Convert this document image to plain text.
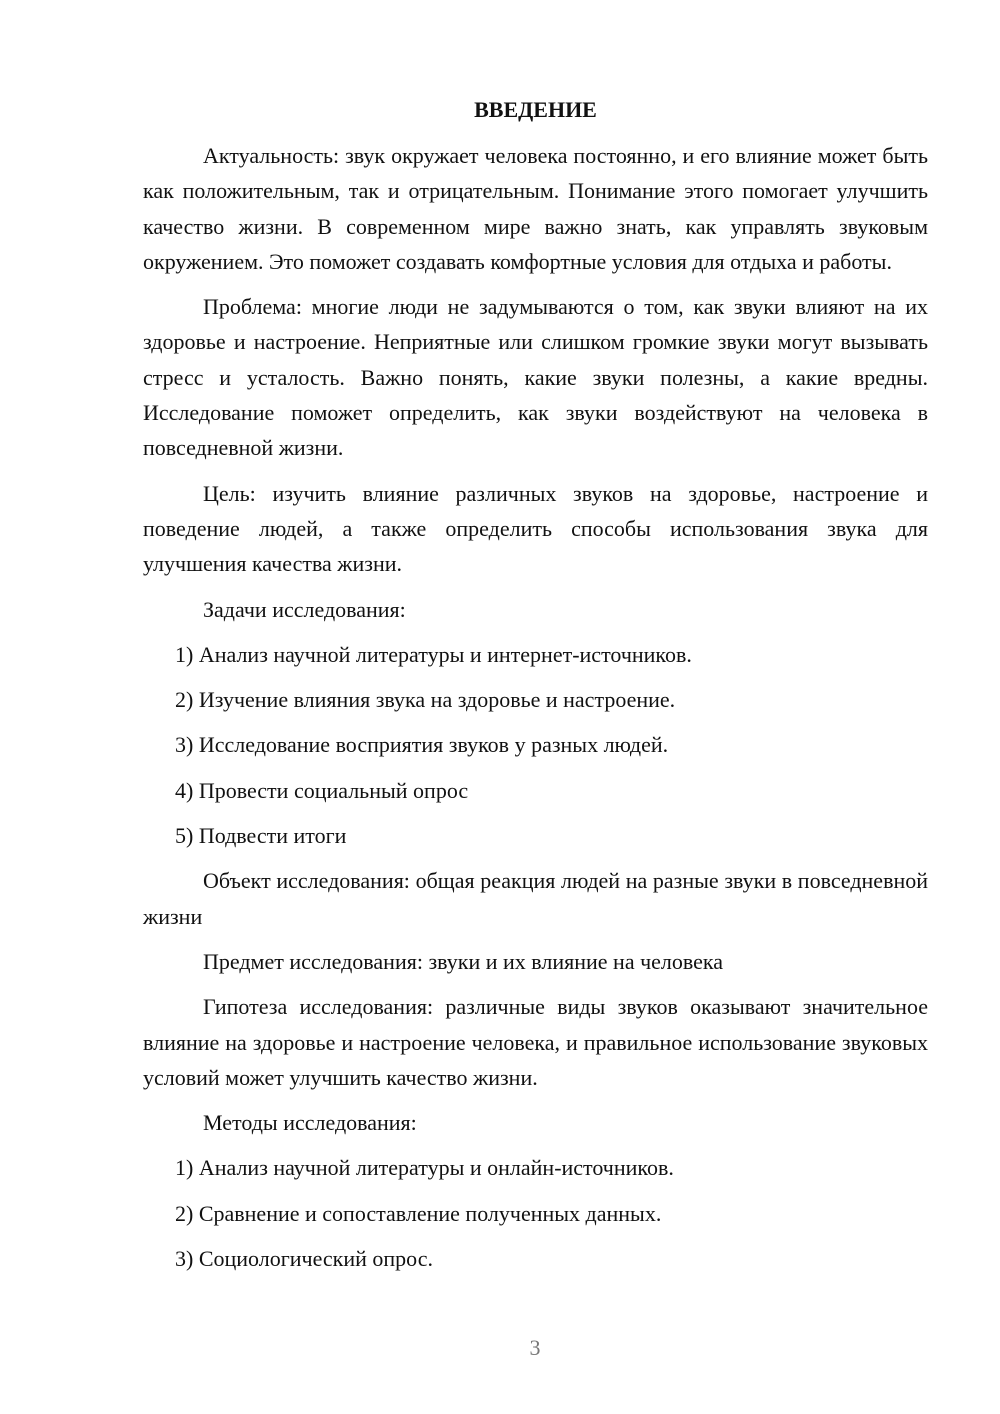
ВВЕДЕНИЕ
Актуальность: звук окружает человека постоянно, и его влияние может быть как положительным, так и отрицательным. Понимание этого помогает улучшить качество жизни. В современном мире важно знать, как управлять звуковым окружением. Это поможет создавать комфортные условия для отдыха и работы.
Проблема: многие люди не задумываются о том, как звуки влияют на их здоровье и настроение. Неприятные или слишком громкие звуки могут вызывать стресс и усталость. Важно понять, какие звуки полезны, а какие вредны. Исследование поможет определить, как звуки воздействуют на человека в повседневной жизни.
Цель: изучить влияние различных звуков на здоровье, настроение и поведение людей, а также определить способы использования звука для улучшения качества жизни.
Задачи исследования:
1) Анализ научной литературы и интернет-источников.
2) Изучение влияния звука на здоровье и настроение.
3) Исследование восприятия звуков у разных людей.
4) Провести социальный опрос
5) Подвести итоги
Объект исследования: общая реакция людей на разные звуки в повседневной жизни
Предмет исследования: звуки и их влияние на человека
Гипотеза исследования: различные виды звуков оказывают значительное влияние на здоровье и настроение человека, и правильное использование звуковых условий может улучшить качество жизни.
Методы исследования:
1) Анализ научной литературы и онлайн-источников.
2) Сравнение и сопоставление полученных данных.
3) Социологический опрос.
3
